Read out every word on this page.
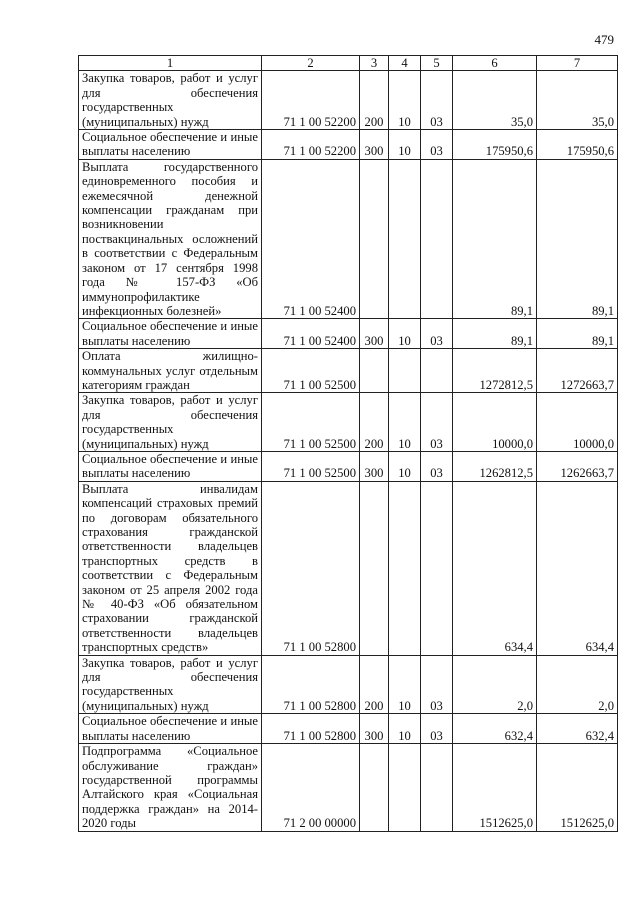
479
1	2	3	4	5	6	7
Закупка товаров, работ и услуг для обеспечения государственных (муниципальных) нужд	71 1 00 52200	200	10	03	35,0	35,0
Социальное обеспечение и иные выплаты населению	71 1 00 52200	300	10	03	175950,6	175950,6
Выплата государственного единовременного пособия и ежемесячной денежной компенсации гражданам при возникновении поствакцинальных осложнений в соответствии с Федеральным законом от 17 сентября 1998 года № 157-ФЗ «Об иммунопрофилактике инфекционных болезней»	71 1 00 52400				89,1	89,1
Социальное обеспечение и иные выплаты населению	71 1 00 52400	300	10	03	89,1	89,1
Оплата жилищно-коммунальных услуг отдельным категориям граждан	71 1 00 52500				1272812,5	1272663,7
Закупка товаров, работ и услуг для обеспечения государственных (муниципальных) нужд	71 1 00 52500	200	10	03	10000,0	10000,0
Социальное обеспечение и иные выплаты населению	71 1 00 52500	300	10	03	1262812,5	1262663,7
Выплата инвалидам компенсаций страховых премий по договорам обязательного страхования гражданской ответственности владельцев транспортных средств в соответствии с Федеральным законом от 25 апреля 2002 года № 40-ФЗ «Об обязательном страховании гражданской ответственности владельцев транспортных средств»	71 1 00 52800				634,4	634,4
Закупка товаров, работ и услуг для обеспечения государственных (муниципальных) нужд	71 1 00 52800	200	10	03	2,0	2,0
Социальное обеспечение и иные выплаты населению	71 1 00 52800	300	10	03	632,4	632,4
Подпрограмма «Социальное обслуживание граждан» государственной программы Алтайского края «Социальная поддержка граждан» на 2014-2020 годы	71 2 00 00000				1512625,0	1512625,0
